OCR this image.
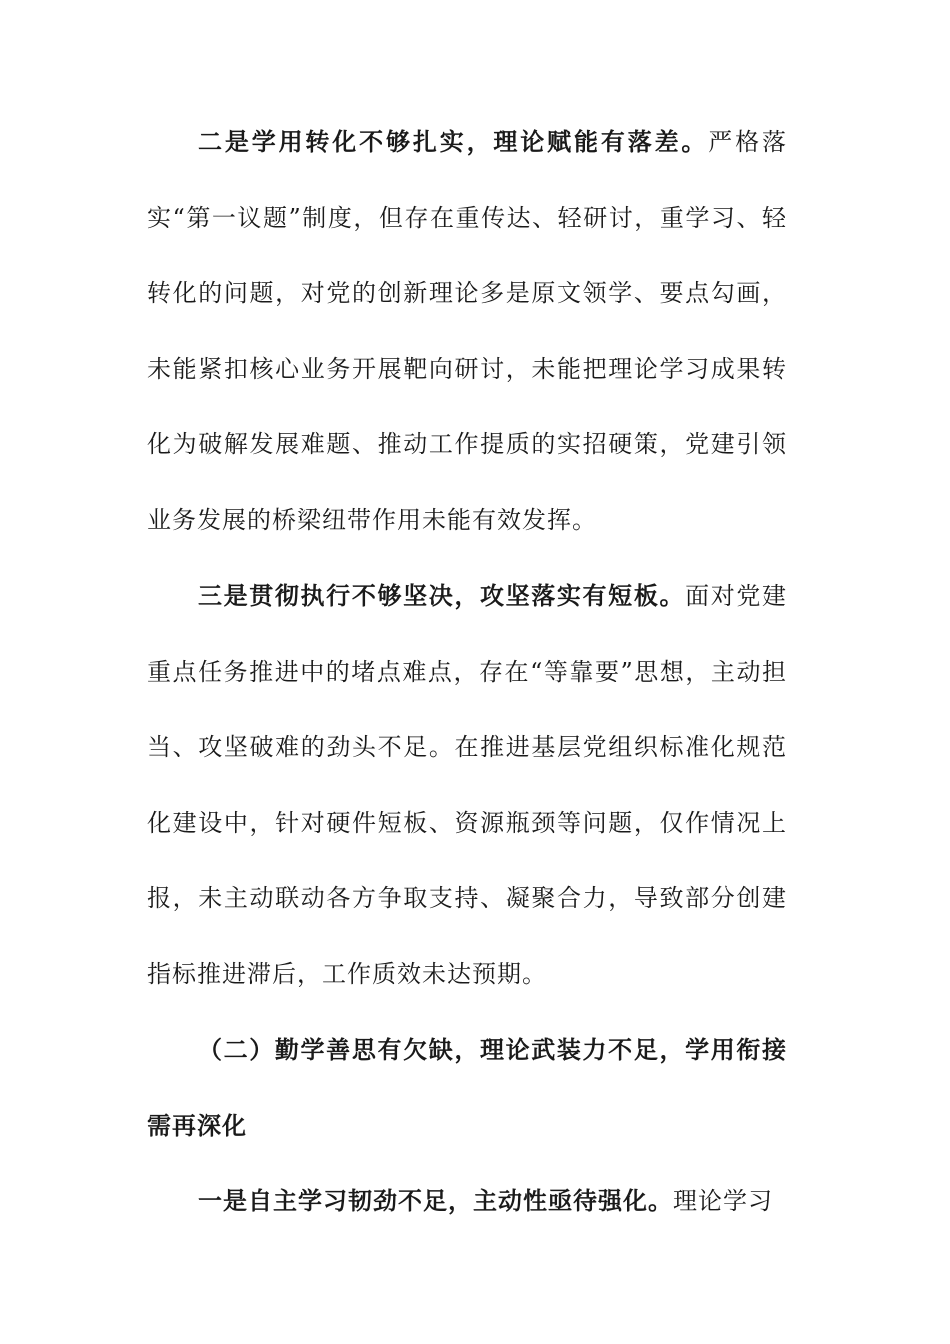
二是学用转化不够扎实，理论赋能有落差。严格落实“第一议题”制度，但存在重传达、轻研讨，重学习、轻转化的问题，对党的创新理论多是原文领学、要点勾画，未能紧扣核心业务开展靶向研讨，未能把理论学习成果转化为破解发展难题、推动工作提质的实招硬策，党建引领业务发展的桥梁纽带作用未能有效发挥。

三是贯彻执行不够坚决，攻坚落实有短板。面对党建重点任务推进中的堵点难点，存在“等靠要”思想，主动担当、攻坚破难的劲头不足。在推进基层党组织标准化规范化建设中，针对硬件短板、资源瓶颈等问题，仅作情况上报，未主动联动各方争取支持、凝聚合力，导致部分创建指标推进滞后，工作质效未达预期。

（二）勤学善思有欠缺，理论武装力不足，学用衔接需再深化

一是自主学习韧劲不足，主动性亟待强化。理论学习
